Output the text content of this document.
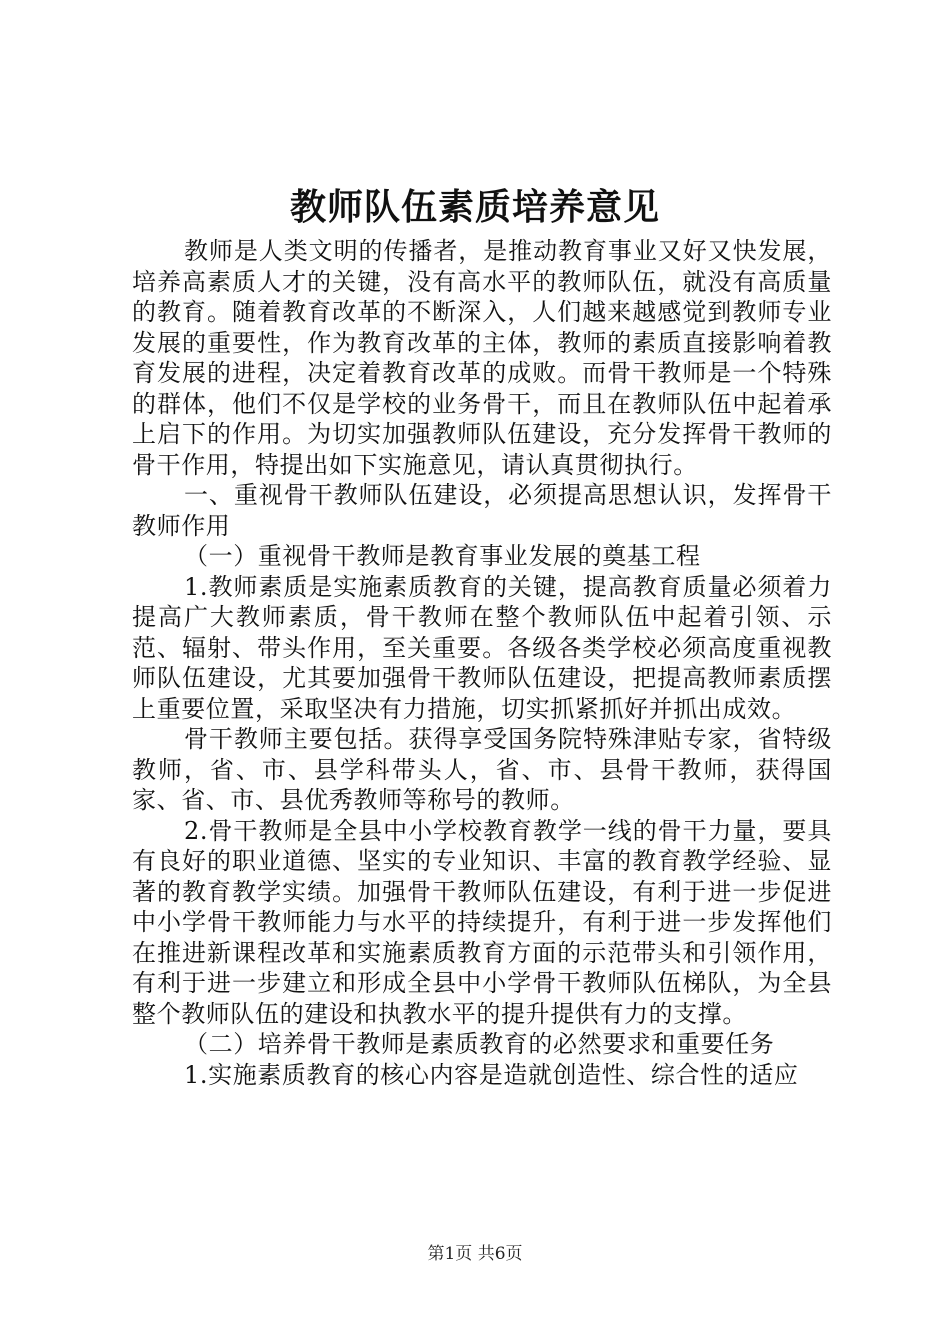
教师队伍素质培养意见

教师是人类文明的传播者，是推动教育事业又好又快发展，培养高素质人才的关键，没有高水平的教师队伍，就没有高质量的教育。随着教育改革的不断深入，人们越来越感觉到教师专业发展的重要性，作为教育改革的主体，教师的素质直接影响着教育发展的进程，决定着教育改革的成败。而骨干教师是一个特殊的群体，他们不仅是学校的业务骨干，而且在教师队伍中起着承上启下的作用。为切实加强教师队伍建设，充分发挥骨干教师的骨干作用，特提出如下实施意见，请认真贯彻执行。

一、重视骨干教师队伍建设，必须提高思想认识，发挥骨干教师作用

（一）重视骨干教师是教育事业发展的奠基工程

1.教师素质是实施素质教育的关键，提高教育质量必须着力提高广大教师素质，骨干教师在整个教师队伍中起着引领、示范、辐射、带头作用，至关重要。各级各类学校必须高度重视教师队伍建设，尤其要加强骨干教师队伍建设，把提高教师素质摆上重要位置，采取坚决有力措施，切实抓紧抓好并抓出成效。

骨干教师主要包括。获得享受国务院特殊津贴专家，省特级教师，省、市、县学科带头人，省、市、县骨干教师，获得国家、省、市、县优秀教师等称号的教师。

2.骨干教师是全县中小学校教育教学一线的骨干力量，要具有良好的职业道德、坚实的专业知识、丰富的教育教学经验、显著的教育教学实绩。加强骨干教师队伍建设，有利于进一步促进中小学骨干教师能力与水平的持续提升，有利于进一步发挥他们在推进新课程改革和实施素质教育方面的示范带头和引领作用，有利于进一步建立和形成全县中小学骨干教师队伍梯队，为全县整个教师队伍的建设和执教水平的提升提供有力的支撑。

（二）培养骨干教师是素质教育的必然要求和重要任务

1.实施素质教育的核心内容是造就创造性、综合性的适应

第1页 共6页
